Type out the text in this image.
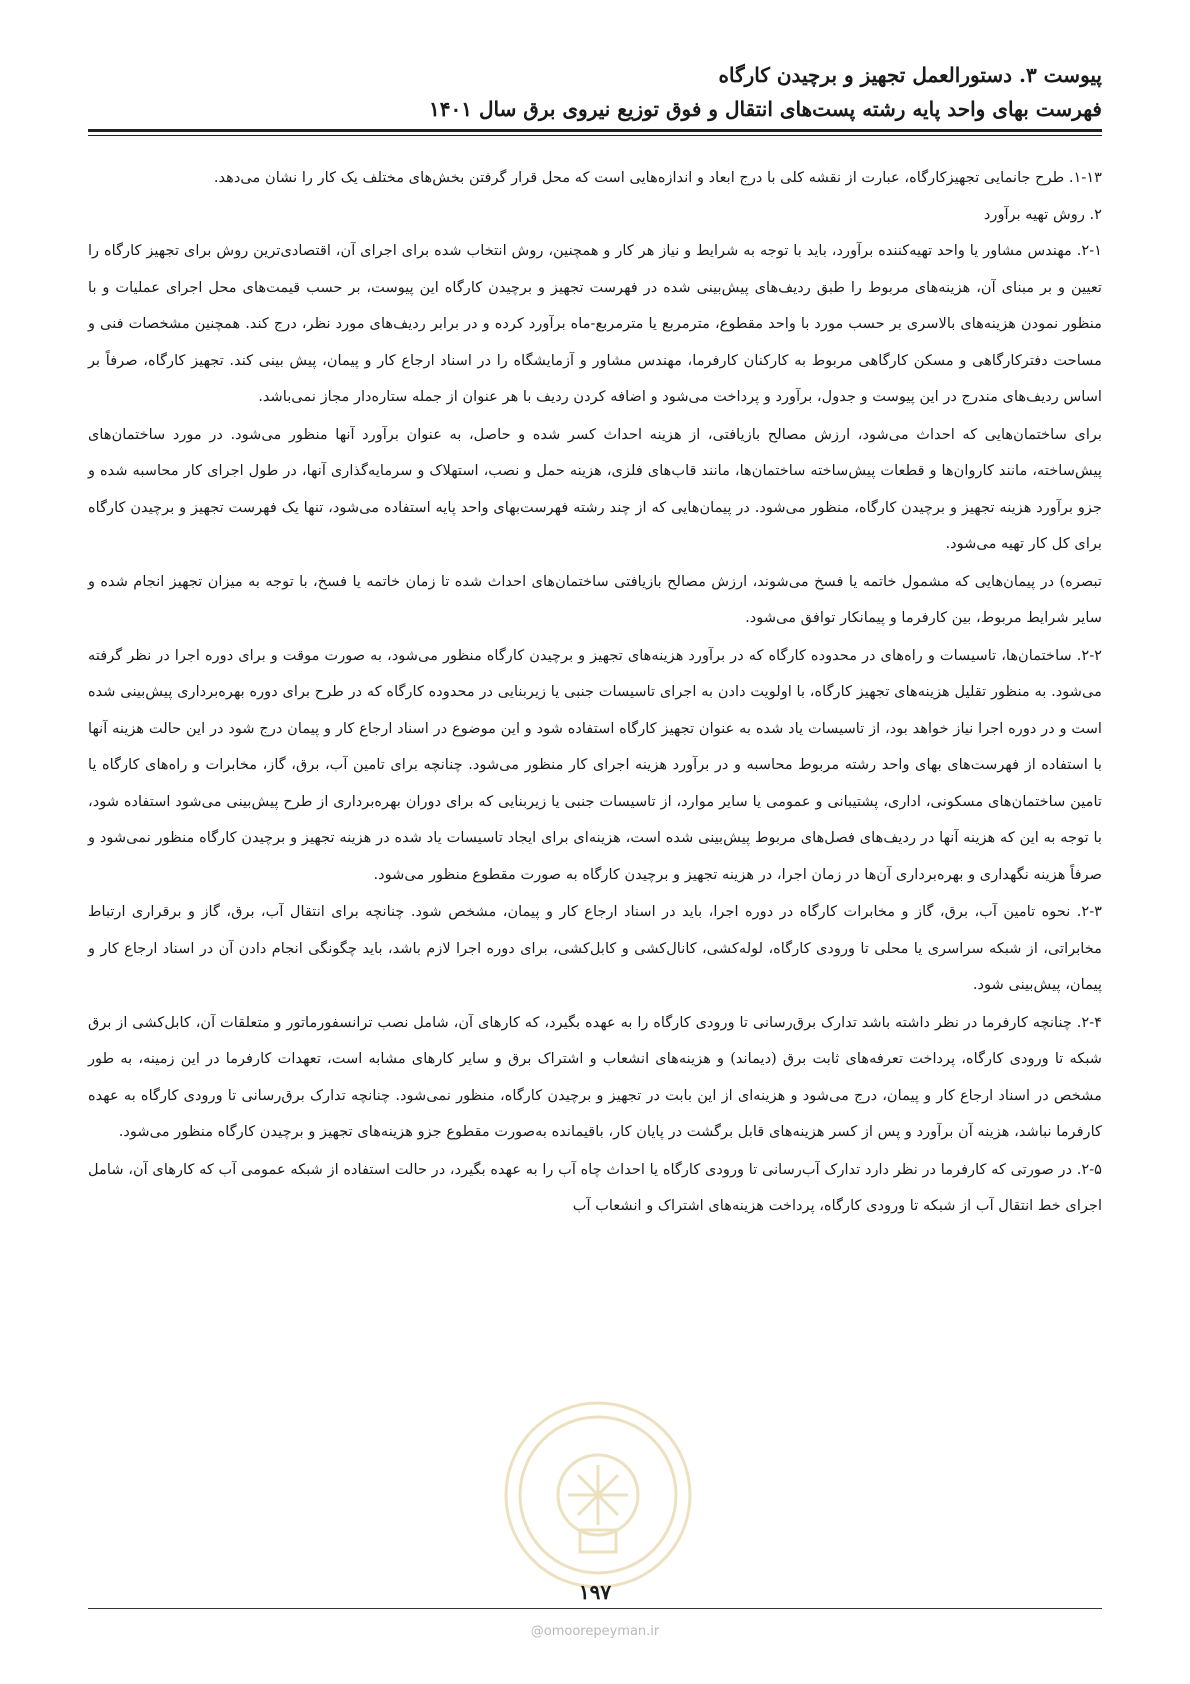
پیوست ۳. دستورالعمل تجهیز و برچیدن کارگاه
فهرست بهای واحد پایه رشته پست‌های انتقال و فوق توزیع نیروی برق سال ۱۴۰۱

۱-۱۳. طرح جانمایی تجهیزکارگاه، عبارت از نقشه کلی با درج ابعاد و اندازه‌هایی است که محل قرار گرفتن بخش‌های مختلف یک کار را نشان می‌دهد.

۲. روش تهیه برآورد

۲-۱. مهندس مشاور یا واحد تهیه‌کننده برآورد، باید با توجه به شرایط و نیاز هر کار و همچنین، روش انتخاب شده برای اجرای آن، اقتصادی‌ترین روش برای تجهیز کارگاه را تعیین و بر مبنای آن، هزینه‌های مربوط را طبق ردیف‌های پیش‌بینی شده در فهرست تجهیز و برچیدن کارگاه این پیوست، بر حسب قیمت‌های محل اجرای عملیات و با منظور نمودن هزینه‌های بالاسری بر حسب مورد با واحد مقطوع، مترمربع یا مترمربع-ماه برآورد کرده و در برابر ردیف‌های مورد نظر، درج کند. همچنین مشخصات فنی و مساحت دفترکارگاهی و مسکن کارگاهی مربوط به کارکنان کارفرما، مهندس مشاور و آزمایشگاه را در اسناد ارجاع کار و پیمان، پیش بینی کند. تجهیز کارگاه، صرفاً بر اساس ردیف‌های مندرج در این پیوست و جدول، برآورد و پرداخت می‌شود و اضافه کردن ردیف با هر عنوان از جمله ستاره‌دار مجاز نمی‌باشد.

برای ساختمان‌هایی که احداث می‌شود، ارزش مصالح بازیافتی، از هزینه احداث کسر شده و حاصل، به عنوان برآورد آنها منظور می‌شود. در مورد ساختمان‌های پیش‌ساخته، مانند کاروان‌ها و قطعات پیش‌ساخته ساختمان‌ها، مانند قاب‌های فلزی، هزینه حمل و نصب، استهلاک و سرمایه‌گذاری آنها، در طول اجرای کار محاسبه شده و جزو برآورد هزینه تجهیز و برچیدن کارگاه، منظور می‌شود. در پیمان‌هایی که از چند رشته فهرست‌بهای واحد پایه استفاده می‌شود، تنها یک فهرست تجهیز و برچیدن کارگاه برای کل کار تهیه می‌شود.

تبصره) در پیمان‌هایی که مشمول خاتمه یا فسخ می‌شوند، ارزش مصالح بازیافتی ساختمان‌های احداث شده تا زمان خاتمه یا فسخ، با توجه به میزان تجهیز انجام شده و سایر شرایط مربوط، بین کارفرما و پیمانکار توافق می‌شود.

۲-۲. ساختمان‌ها، تاسیسات و راه‌های در محدوده کارگاه که در برآورد هزینه‌های تجهیز و برچیدن کارگاه منظور می‌شود، به صورت موقت و برای دوره اجرا در نظر گرفته می‌شود. به منظور تقلیل هزینه‌های تجهیز کارگاه، با اولویت دادن به اجرای تاسیسات جنبی یا زیربنایی در محدوده کارگاه که در طرح برای دوره بهره‌برداری پیش‌بینی شده است و در دوره اجرا نیاز خواهد بود، از تاسیسات یاد شده به عنوان تجهیز کارگاه استفاده شود و این موضوع در اسناد ارجاع کار و پیمان درج شود در این حالت هزینه آنها با استفاده از فهرست‌های بهای واحد رشته مربوط محاسبه و در برآورد هزینه اجرای کار منظور می‌شود. چنانچه برای تامین آب، برق، گاز، مخابرات و راه‌های کارگاه یا تامین ساختمان‌های مسکونی، اداری، پشتیبانی و عمومی یا سایر موارد، از تاسیسات جنبی یا زیربنایی که برای دوران بهره‌برداری از طرح پیش‌بینی می‌شود استفاده شود، با توجه به این که هزینه آنها در ردیف‌های فصل‌های مربوط پیش‌بینی شده است، هزینه‌ای برای ایجاد تاسیسات یاد شده در هزینه تجهیز و برچیدن کارگاه منظور نمی‌شود و صرفاً هزینه نگهداری و بهره‌برداری آن‌ها در زمان اجرا، در هزینه تجهیز و برچیدن کارگاه به صورت مقطوع منظور می‌شود.

۲-۳. نحوه تامین آب، برق، گاز و مخابرات کارگاه در دوره اجرا، باید در اسناد ارجاع کار و پیمان، مشخص شود. چنانچه برای انتقال آب، برق، گاز و برقراری ارتباط مخابراتی، از شبکه سراسری یا محلی تا ورودی کارگاه، لوله‌کشی، کانال‌کشی و کابل‌کشی، برای دوره اجرا لازم باشد، باید چگونگی انجام دادن آن در اسناد ارجاع کار و پیمان، پیش‌بینی شود.

۲-۴. چنانچه کارفرما در نظر داشته باشد تدارک برق‌رسانی تا ورودی کارگاه را به عهده بگیرد، که کارهای آن، شامل نصب ترانسفورماتور و متعلقات آن، کابل‌کشی از برق شبکه تا ورودی کارگاه، پرداخت تعرفه‌های ثابت برق (دیماند) و هزینه‌های انشعاب و اشتراک برق و سایر کارهای مشابه است، تعهدات کارفرما در این زمینه، به طور مشخص در اسناد ارجاع کار و پیمان، درج می‌شود و هزینه‌ای از این بابت در تجهیز و برچیدن کارگاه، منظور نمی‌شود. چنانچه تدارک برق‌رسانی تا ورودی کارگاه به عهده کارفرما نباشد، هزینه آن برآورد و پس از کسر هزینه‌های قابل برگشت در پایان کار، باقیمانده به‌صورت مقطوع جزو هزینه‌های تجهیز و برچیدن کارگاه منظور می‌شود.

۲-۵. در صورتی که کارفرما در نظر دارد تدارک آب‌رسانی تا ورودی کارگاه یا احداث چاه آب را به عهده بگیرد، در حالت استفاده از شبکه عمومی آب که کارهای آن، شامل اجرای خط انتقال آب از شبکه تا ورودی کارگاه، پرداخت هزینه‌های اشتراک و انشعاب آب

۱۹۷
@omoorepeyman.ir
